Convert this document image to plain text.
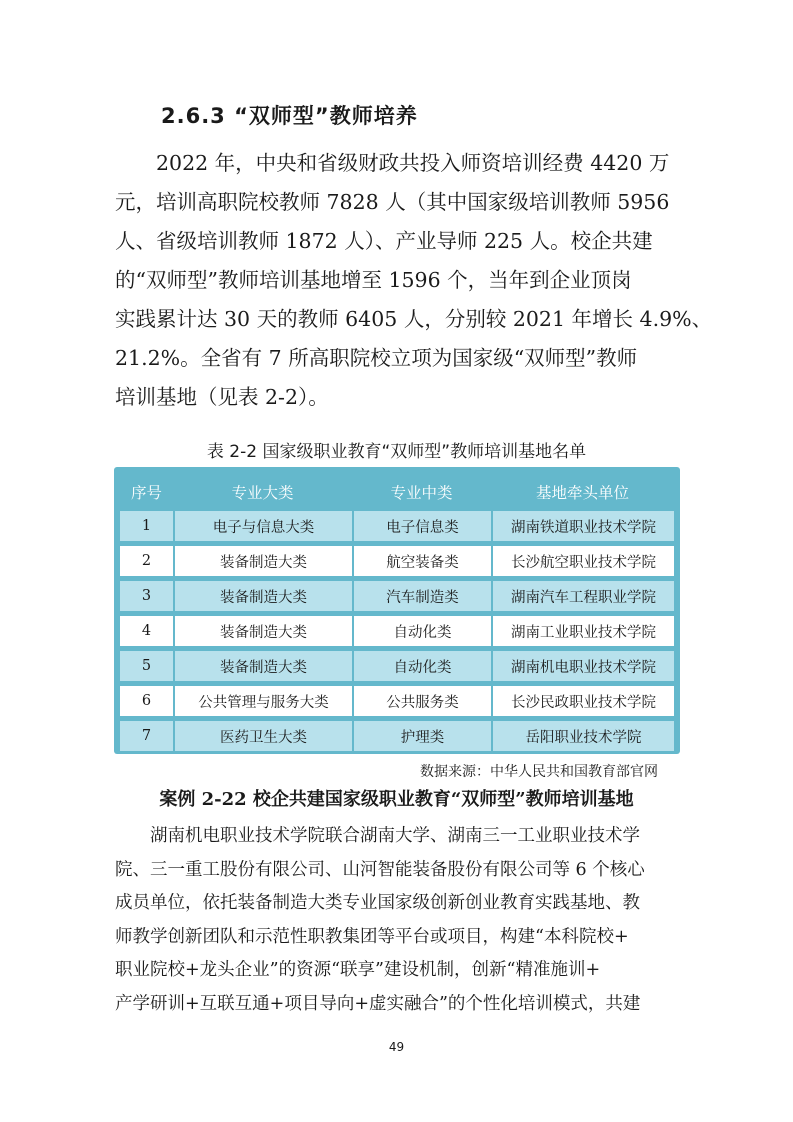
2.6.3 “双师型”教师培养

　　2022 年，中央和省级财政共投入师资培训经费 4420 万

元，培训高职院校教师 7828 人（其中国家级培训教师 5956

人、省级培训教师 1872 人）、产业导师 225 人。校企共建

的“双师型”教师培训基地增至 1596 个，当年到企业顶岗

实践累计达 30 天的教师 6405 人，分别较 2021 年增长 4.9%、

21.2%。全省有 7 所高职院校立项为国家级“双师型”教师

培训基地（见表 2-2）。

表 2-2 国家级职业教育“双师型”教师培训基地名单
序号	专业大类	专业中类	基地牵头单位
1	电子与信息大类	电子信息类	湖南铁道职业技术学院
2	装备制造大类	航空装备类	长沙航空职业技术学院
3	装备制造大类	汽车制造类	湖南汽车工程职业学院
4	装备制造大类	自动化类	湖南工业职业技术学院
5	装备制造大类	自动化类	湖南机电职业技术学院
6	公共管理与服务大类	公共服务类	长沙民政职业技术学院
7	医药卫生大类	护理类	岳阳职业技术学院
数据来源：中华人民共和国教育部官网
案例 2-22 校企共建国家级职业教育“双师型”教师培训基地

　　湖南机电职业技术学院联合湖南大学、湖南三一工业职业技术学

院、三一重工股份有限公司、山河智能装备股份有限公司等 6 个核心

成员单位，依托装备制造大类专业国家级创新创业教育实践基地、教

师教学创新团队和示范性职教集团等平台或项目，构建“本科院校+

职业院校+龙头企业”的资源“联享”建设机制，创新“精准施训+

产学研训+互联互通+项目导向+虚实融合”的个性化培训模式，共建

49
